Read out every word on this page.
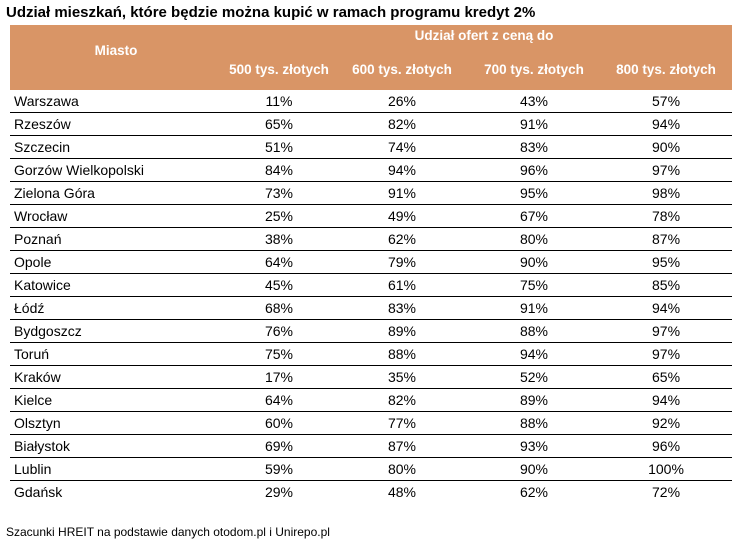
Udział mieszkań, które będzie można kupić w ramach programu kredyt 2%
Miasto	Udział ofert z ceną do			
	500 tys. złotych	600 tys. złotych	700 tys. złotych	800 tys. złotych
Warszawa	11%	26%	43%	57%
Rzeszów	65%	82%	91%	94%
Szczecin	51%	74%	83%	90%
Gorzów Wielkopolski	84%	94%	96%	97%
Zielona Góra	73%	91%	95%	98%
Wrocław	25%	49%	67%	78%
Poznań	38%	62%	80%	87%
Opole	64%	79%	90%	95%
Katowice	45%	61%	75%	85%
Łódź	68%	83%	91%	94%
Bydgoszcz	76%	89%	88%	97%
Toruń	75%	88%	94%	97%
Kraków	17%	35%	52%	65%
Kielce	64%	82%	89%	94%
Olsztyn	60%	77%	88%	92%
Białystok	69%	87%	93%	96%
Lublin	59%	80%	90%	100%
Gdańsk	29%	48%	62%	72%
Szacunki HREIT na podstawie danych otodom.pl i Unirepo.pl
